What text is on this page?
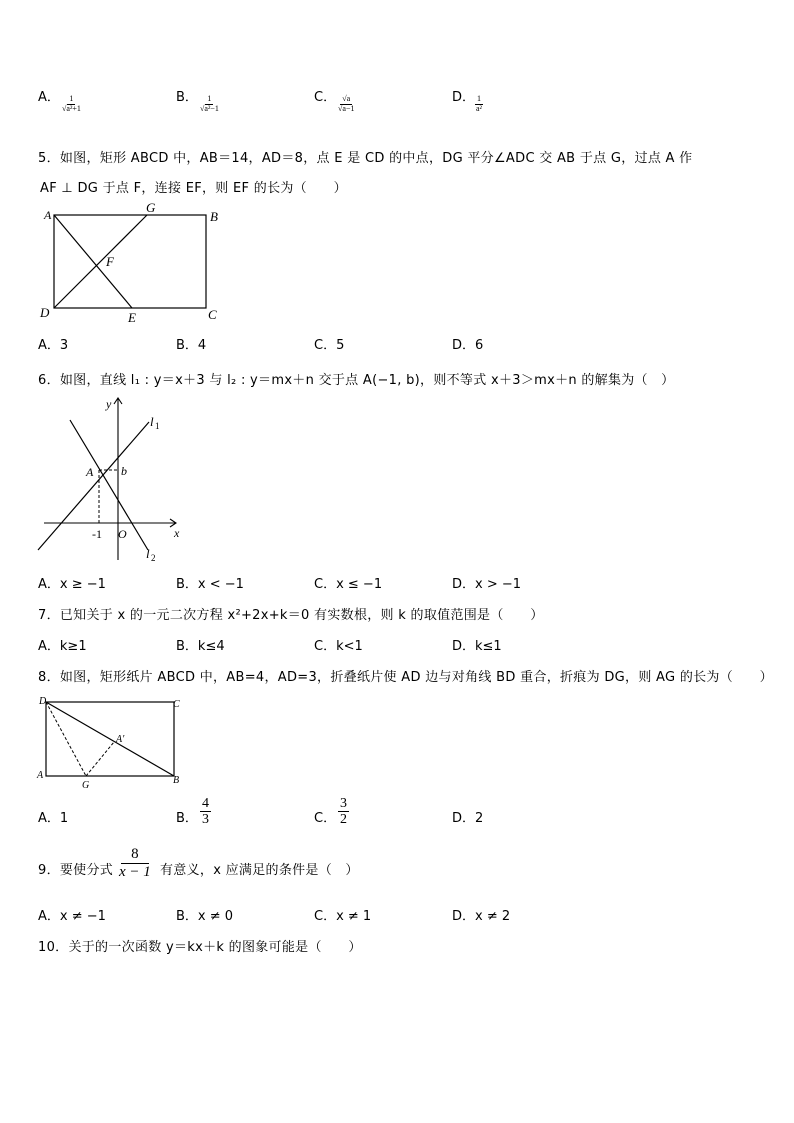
A． $\frac{1}{\text{√a²+1}}$	B． $\frac{1}{\text{√a²−1}}$	C． $\frac{√a}{√a-1}$	D．
$\frac{1}{\text{a²}}$
5．如图，矩形 ABCD 中，AB＝14，AD＝8，点 E 是 CD 的中点，DG 平分∠ADC 交 AB 于点 G，过点 A 作
AF ⊥ DG 于点 F，连接 EF，则 EF 的长为（　　）
A	G
B
F
D	E	C
A．3	B．4	C．5	D．6
6．如图，直线 l₁ : y＝x＋3 与 l₂ : y＝mx＋n 交于点 A(−1, b)，则不等式 x＋3＞mx＋n 的解集为（　）
y
x
l 1
l 2
A b
-1 O
A．x ≥ −1	B．x < −1	C．x ≤ −1	D．x > −1
7．已知关于 x 的一元二次方程 x²+2x+k＝0 有实数根，则 k 的取值范围是（　　）
A．k≥1	B．k≤4	C．k<1	D．k≤1
8．如图，矩形纸片 ABCD 中，AB=4，AD=3，折叠纸片使 AD 边与对角线 BD 重合，折痕为 DG，则 AG 的长为（　　）
D	C
A	B
G
A′
A．1	B． $\frac{4}{3}$	C． $\frac{3}{2}$	D．2
9．要使分式 $\frac{8}{x - 1}$ 有意义，x 应满足的条件是（　）
A．x ≠ −1	B．x ≠ 0	C．x ≠ 1	D．x ≠ 2
10．关于的一次函数 y＝kx＋k 的图象可能是（　　）
